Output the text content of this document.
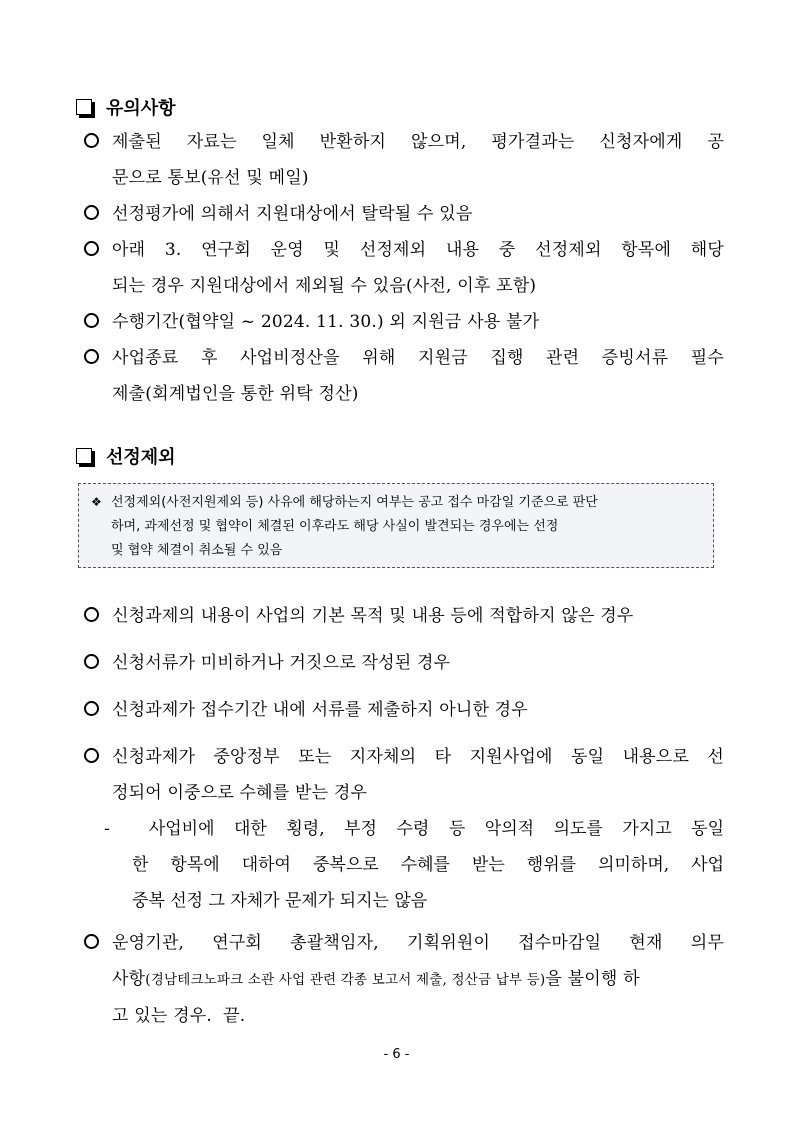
유의사항
제출된 자료는 일체 반환하지 않으며, 평가결과는 신청자에게 공
문으로 통보(유선 및 메일)
선정평가에 의해서 지원대상에서 탈락될 수 있음
아래 3. 연구회 운영 및 선정제외 내용 중 선정제외 항목에 해당
되는 경우 지원대상에서 제외될 수 있음(사전, 이후 포함)
수행기간(협약일 ~ 2024. 11. 30.) 외 지원금 사용 불가
사업종료 후 사업비정산을 위해 지원금 집행 관련 증빙서류 필수
제출(회계법인을 통한 위탁 정산)
선정제외
❖ 선정제외(사전지원제외 등) 사유에 해당하는지 여부는 공고 접수 마감일 기준으로 판단
하며, 과제선정 및 협약이 체결된 이후라도 해당 사실이 발견되는 경우에는 선정
및 협약 체결이 취소될 수 있음
신청과제의 내용이 사업의 기본 목적 및 내용 등에 적합하지 않은 경우
신청서류가 미비하거나 거짓으로 작성된 경우
신청과제가 접수기간 내에 서류를 제출하지 아니한 경우
신청과제가 중앙정부 또는 지자체의 타 지원사업에 동일 내용으로 선
정되어 이중으로 수혜를 받는 경우
- 사업비에 대한 횡령, 부정 수령 등 악의적 의도를 가지고 동일
한 항목에 대하여 중복으로 수혜를 받는 행위를 의미하며, 사업
중복 선정 그 자체가 문제가 되지는 않음
운영기관, 연구회 총괄책임자, 기획위원이 접수마감일 현재 의무
사항(경남테크노파크 소관 사업 관련 각종 보고서 제출, 정산금 납부 등)을 불이행 하
고 있는 경우.  끝.
- 6 -
